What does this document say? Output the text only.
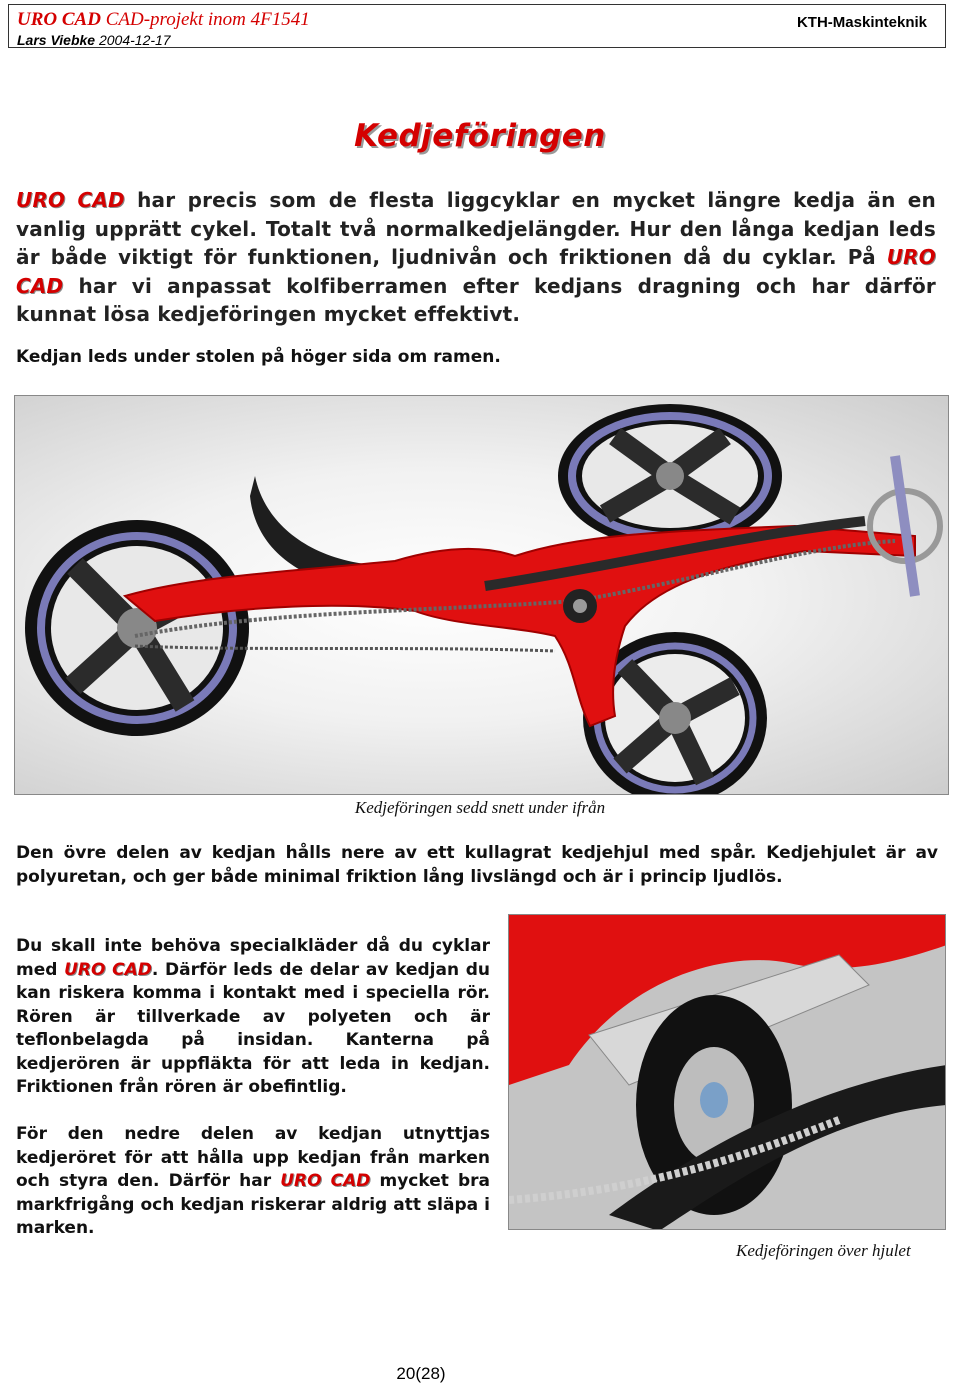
URO CAD CAD-projekt inom 4F1541
Lars Viebke 2004-12-17
KTH-Maskinteknik
Kedjeföringen
URO CAD har precis som de flesta liggcyklar en mycket längre kedja än en vanlig upprätt cykel. Totalt två normalkedjelängder. Hur den långa kedjan leds är både viktigt för funktionen, ljudnivån och friktionen då du cyklar. På URO CAD har vi anpassat kolfiberramen efter kedjans dragning och har därför kunnat lösa kedjeföringen mycket effektivt.
Kedjan leds under stolen på höger sida om ramen.
Kedjeföringen sedd snett under ifrån
Den övre delen av kedjan hålls nere av ett kullagrat kedjehjul med spår. Kedjehjulet är av polyuretan, och ger både minimal friktion lång livslängd och är i princip ljudlös.
Du skall inte behöva specialkläder då du cyklar med URO CAD. Därför leds de delar av kedjan du kan riskera komma i kontakt med i speciella rör. Rören är tillverkade av polyeten och är teflonbelagda på insidan. Kanterna på kedjerören är uppfläkta för att leda in kedjan. Friktionen från rören är obefintlig.
För den nedre delen av kedjan utnyttjas kedjeröret för att hålla upp kedjan från marken och styra den. Därför har URO CAD mycket bra markfrigång och kedjan riskerar aldrig att släpa i marken.
Kedjeföringen över hjulet
20(28)
